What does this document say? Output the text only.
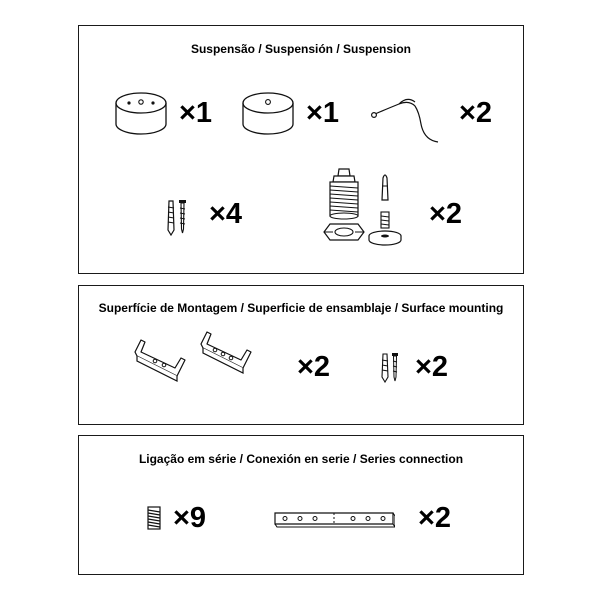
Suspensão / Suspensión / Suspension
×1	×1	×2
×4	×2
Superfície de Montagem / Superficie de ensamblaje / Surface mounting
×2	×2
Ligação em série / Conexión en serie / Series connection
×9	×2
